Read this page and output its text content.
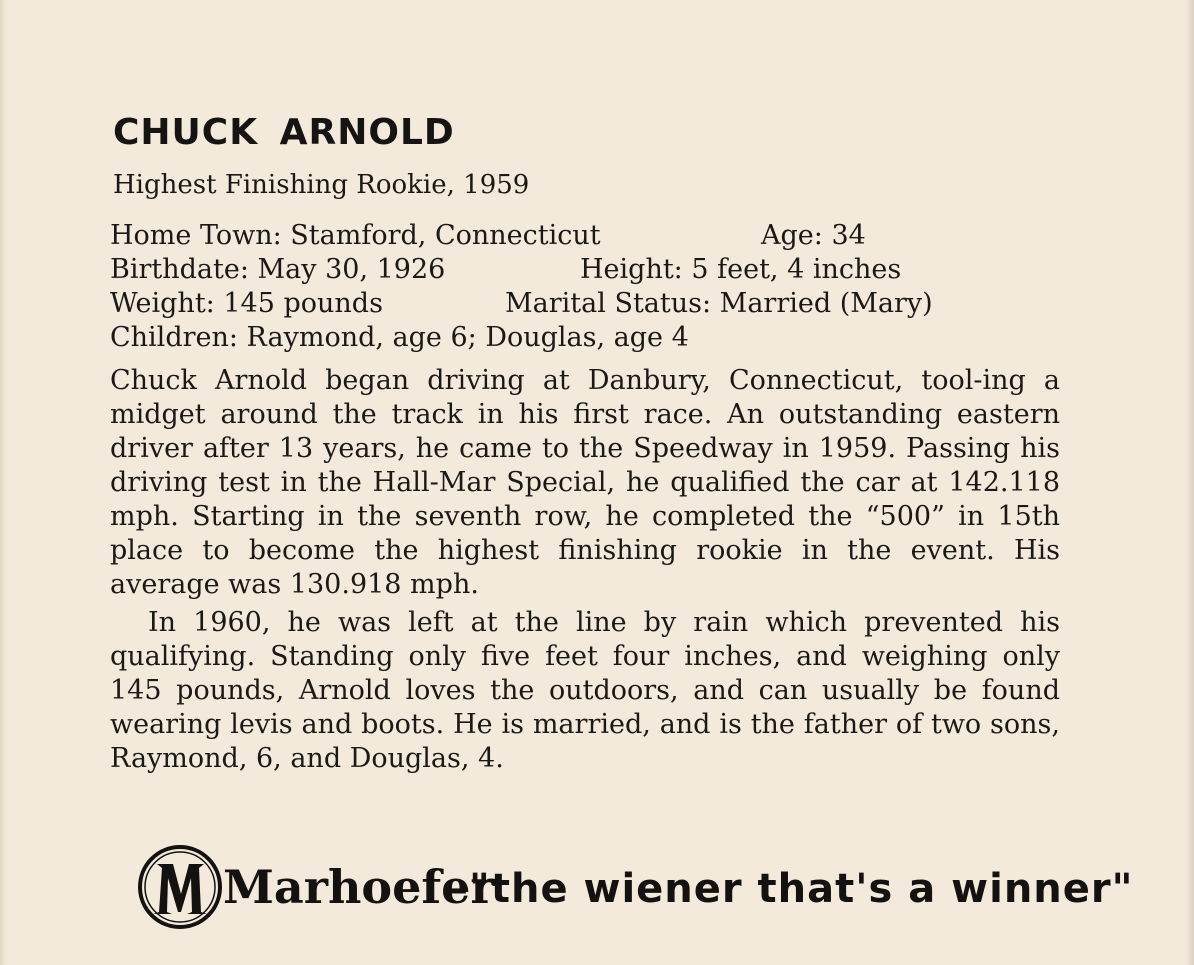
CHUCK ARNOLD
Highest Finishing Rookie, 1959
Home Town: Stamford, Connecticut	Age: 34
Birthdate: May 30, 1926	Height: 5 feet, 4 inches
Weight: 145 pounds	Marital Status: Married (Mary)
Children: Raymond, age 6; Douglas, age 4

Chuck Arnold began driving at Danbury, Connecticut, tool-ing a midget around the track in his first race. An outstanding eastern driver after 13 years, he came to the Speedway in 1959. Passing his driving test in the Hall-Mar Special, he qualified the car at 142.118 mph. Starting in the seventh row, he completed the “500” in 15th place to become the highest finishing rookie in the event. His average was 130.918 mph.

In 1960, he was left at the line by rain which prevented his qualifying. Standing only five feet four inches, and weighing only 145 pounds, Arnold loves the outdoors, and can usually be found wearing levis and boots. He is married, and is the father of two sons, Raymond, 6, and Douglas, 4.

Marhoefer
–"the wiener that's a winner"
